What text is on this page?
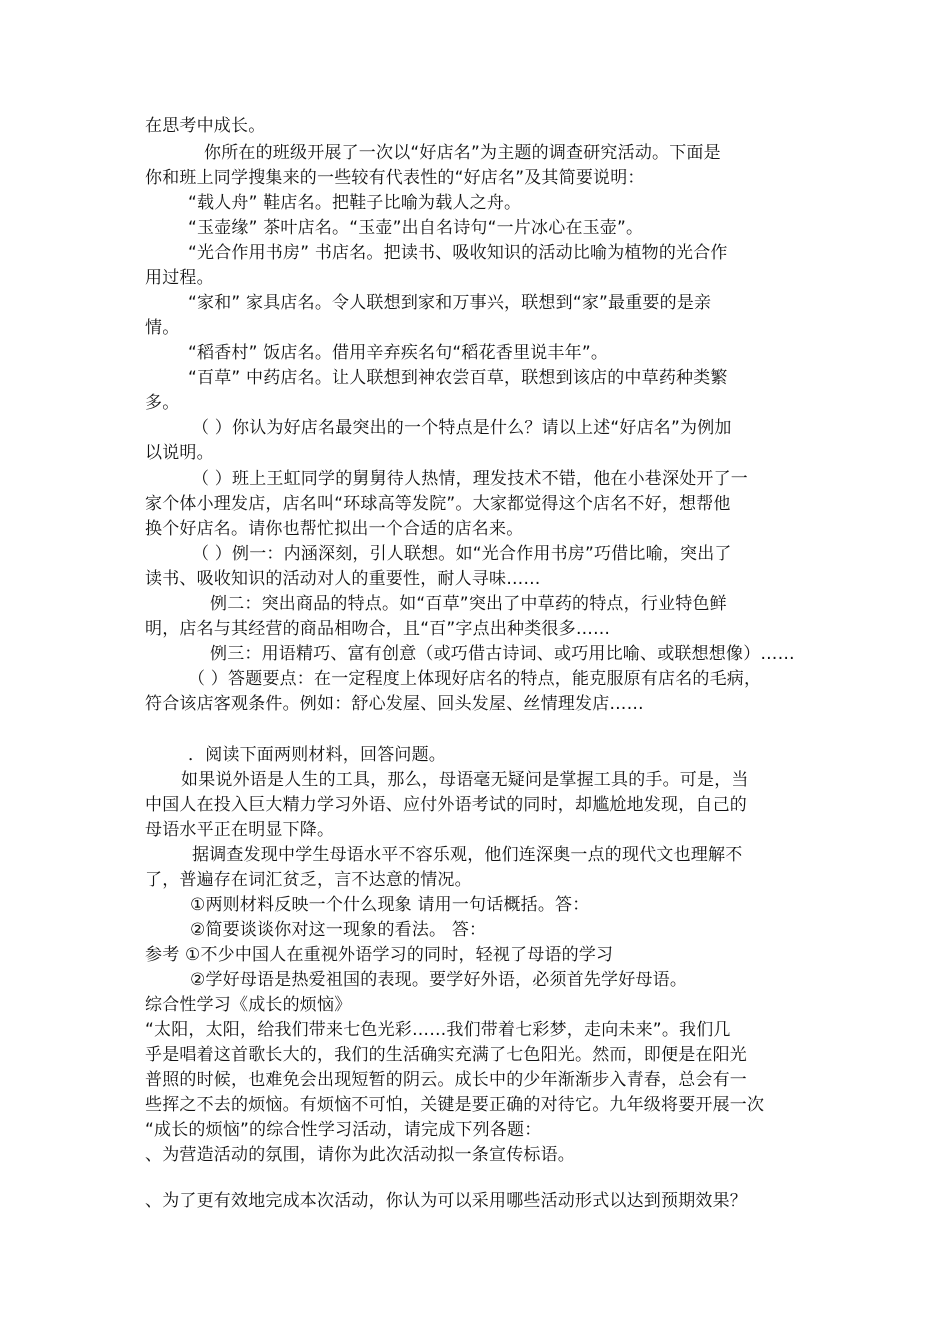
在思考中成长。
你所在的班级开展了一次以“好店名”为主题的调查研究活动。下面是
你和班上同学搜集来的一些较有代表性的“好店名”及其简要说明：
“载人舟” 鞋店名。把鞋子比喻为载人之舟。
“玉壶缘” 茶叶店名。“玉壶”出自名诗句“一片冰心在玉壶”。
“光合作用书房” 书店名。把读书、吸收知识的活动比喻为植物的光合作
用过程。
“家和” 家具店名。令人联想到家和万事兴，联想到“家”最重要的是亲
情。
“稻香村” 饭店名。借用辛弃疾名句“稻花香里说丰年”。
“百草” 中药店名。让人联想到神农尝百草，联想到该店的中草药种类繁
多。
（ ）你认为好店名最突出的一个特点是什么？请以上述“好店名”为例加
以说明。
（ ）班上王虹同学的舅舅待人热情，理发技术不错，他在小巷深处开了一
家个体小理发店，店名叫“环球高等发院”。大家都觉得这个店名不好，想帮他
换个好店名。请你也帮忙拟出一个合适的店名来。
（ ）例一：内涵深刻，引人联想。如“光合作用书房”巧借比喻，突出了
读书、吸收知识的活动对人的重要性，耐人寻味……
例二：突出商品的特点。如“百草”突出了中草药的特点，行业特色鲜
明，店名与其经营的商品相吻合，且“百”字点出种类很多……
例三：用语精巧、富有创意（或巧借古诗词、或巧用比喻、或联想想像）……
（ ）答题要点：在一定程度上体现好店名的特点，能克服原有店名的毛病，
符合该店客观条件。例如：舒心发屋、回头发屋、丝情理发店……
．阅读下面两则材料，回答问题。
如果说外语是人生的工具，那么，母语毫无疑问是掌握工具的手。可是，当
中国人在投入巨大精力学习外语、应付外语考试的同时，却尴尬地发现，自己的
母语水平正在明显下降。
据调查发现中学生母语水平不容乐观，他们连深奥一点的现代文也理解不
了，普遍存在词汇贫乏，言不达意的情况。
①两则材料反映一个什么现象 请用一句话概括。答：
②简要谈谈你对这一现象的看法。 答：
参考 ①不少中国人在重视外语学习的同时，轻视了母语的学习
②学好母语是热爱祖国的表现。要学好外语，必须首先学好母语。
综合性学习《成长的烦恼》
“太阳，太阳，给我们带来七色光彩……我们带着七彩梦，走向未来”。我们几
乎是唱着这首歌长大的，我们的生活确实充满了七色阳光。然而，即便是在阳光
普照的时候，也难免会出现短暂的阴云。成长中的少年渐渐步入青春，总会有一
些挥之不去的烦恼。有烦恼不可怕，关键是要正确的对待它。九年级将要开展一次
“成长的烦恼”的综合性学习活动，请完成下列各题：
、为营造活动的氛围，请你为此次活动拟一条宣传标语。
、为了更有效地完成本次活动，你认为可以采用哪些活动形式以达到预期效果？
